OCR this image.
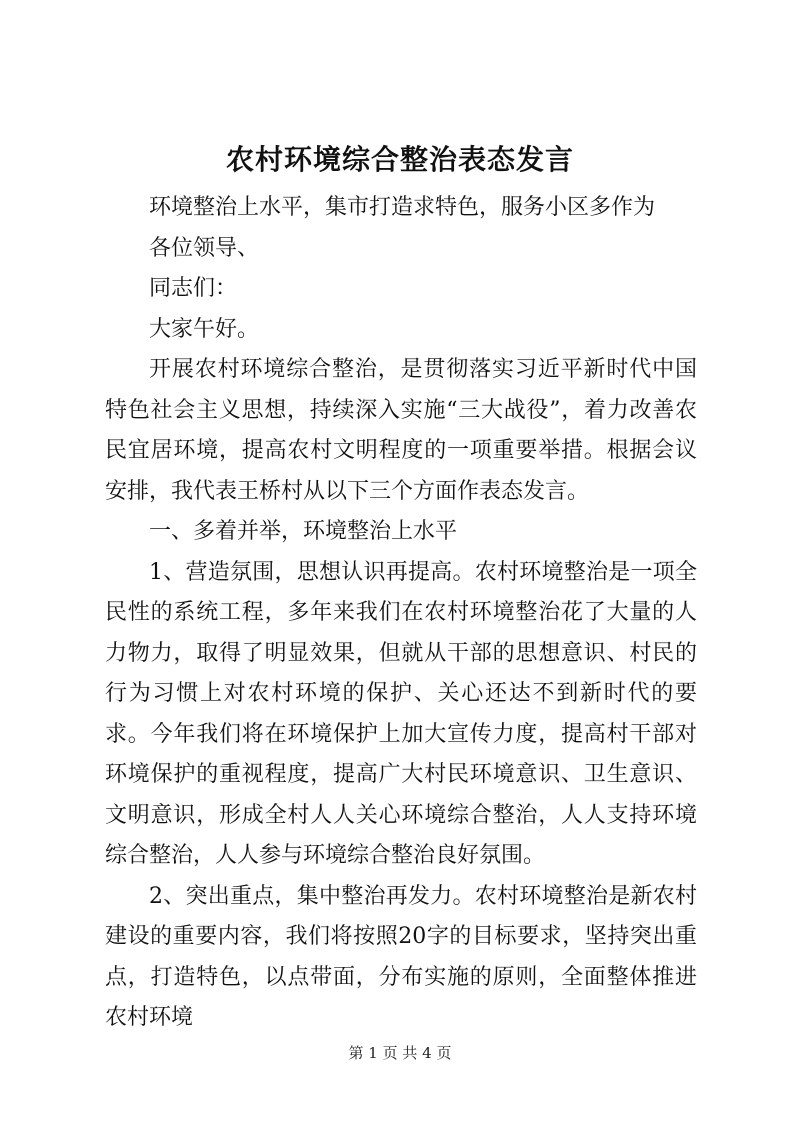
农村环境综合整治表态发言

环境整治上水平，集市打造求特色，服务小区多作为

各位领导、

同志们：

大家午好。

开展农村环境综合整治，是贯彻落实习近平新时代中国特色社会主义思想，持续深入实施“三大战役”，着力改善农民宜居环境，提高农村文明程度的一项重要举措。根据会议安排，我代表王桥村从以下三个方面作表态发言。

一、多着并举，环境整治上水平

1、营造氛围，思想认识再提高。农村环境整治是一项全民性的系统工程，多年来我们在农村环境整治花了大量的人力物力，取得了明显效果，但就从干部的思想意识、村民的行为习惯上对农村环境的保护、关心还达不到新时代的要求。今年我们将在环境保护上加大宣传力度，提高村干部对环境保护的重视程度，提高广大村民环境意识、卫生意识、文明意识，形成全村人人关心环境综合整治，人人支持环境综合整治，人人参与环境综合整治良好氛围。

2、突出重点，集中整治再发力。农村环境整治是新农村建设的重要内容，我们将按照20字的目标要求，坚持突出重点，打造特色，以点带面，分布实施的原则，全面整体推进农村环境

第 1 页 共 4 页
